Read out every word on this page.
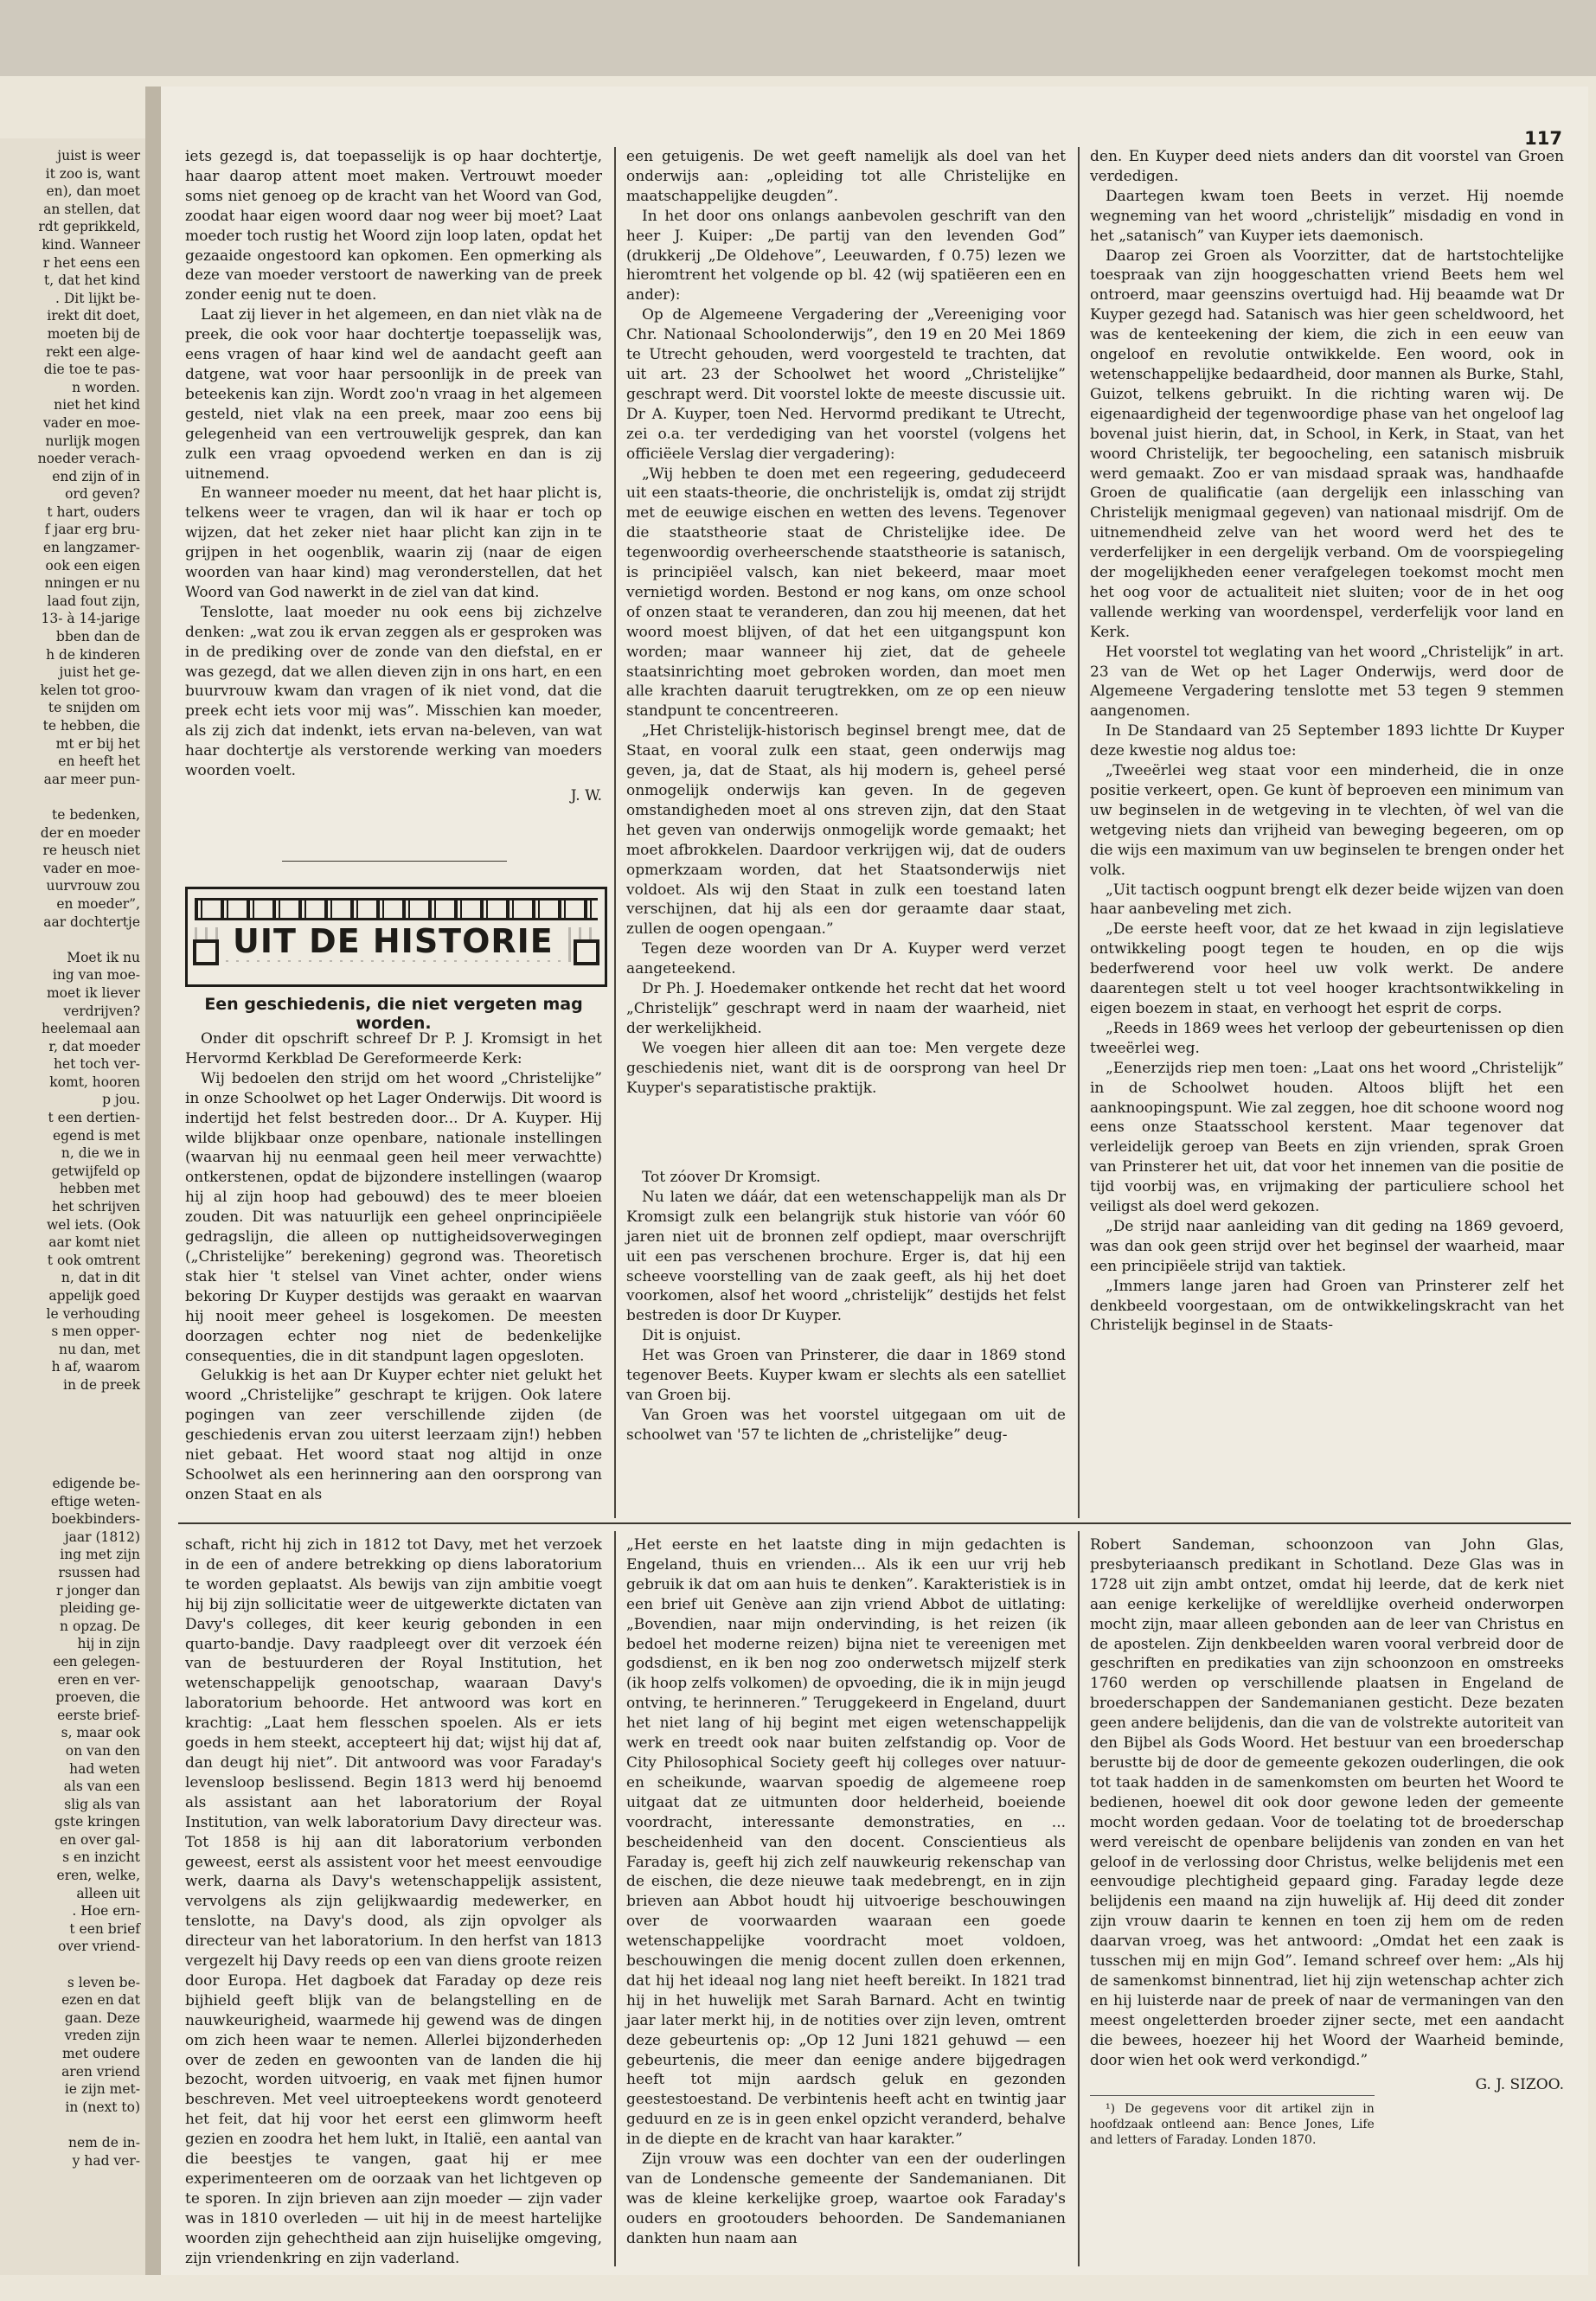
juist is weer
it zoo is, want
en), dan moet
an stellen, dat
rdt geprikkeld,
kind. Wanneer
r het eens een
t, dat het kind
. Dit lijkt be-
irekt dit doet,
moeten bij de
rekt een alge-
die toe te pas-
n worden.
niet het kind
vader en moe-
nurlijk mogen
noeder verach-
end zijn of in
ord geven?
t hart, ouders
f jaar erg bru-
en langzamer-
ook een eigen
nningen er nu
laad fout zijn,
13- à 14-jarige
bben dan de
h de kinderen
juist het ge-
kelen tot groo-
te snijden om
te hebben, die
mt er bij het
en heeft het
aar meer pun-

te bedenken,
der en moeder
re heusch niet
vader en moe-
uurvrouw zou
en moeder”,
aar dochtertje

Moet ik nu
ing van moe-
moet ik liever
verdrijven?
heelemaal aan
r, dat moeder
het toch ver-
komt, hooren
p jou.
t een dertien-
egend is met
n, die we in
getwijfeld op
hebben met
het schrijven
wel iets. (Ook
aar komt niet
t ook omtrent
n, dat in dit
appelijk goed
le verhouding
s men opper-
nu dan, met
h af, waarom
in de preek
edigende be-
eftige weten-
boekbinders-
jaar (1812)
ing met zijn
rsussen had
r jonger dan
pleiding ge-
n opzag. De
hij in zijn
een gelegen-
eren en ver-
proeven, die
eerste brief-
s, maar ook
on van den
had weten
als van een
slig als van
gste kringen
en over gal-
s en inzicht
eren, welke,
alleen uit
. Hoe ern-
t een brief
over vriend-

s leven be-
ezen en dat
gaan. Deze
vreden zijn
met oudere
aren vriend
ie zijn met-
in (next to)

nem de in-
y had ver-
117

iets gezegd is, dat toepasselijk is op haar dochtertje, haar daarop attent moet maken. Vertrouwt moeder soms niet genoeg op de kracht van het Woord van God, zoodat haar eigen woord daar nog weer bij moet? Laat moeder toch rustig het Woord zijn loop laten, opdat het gezaaide ongestoord kan opkomen. Een opmerking als deze van moeder verstoort de nawerking van de preek zonder eenig nut te doen.

Laat zij liever in het algemeen, en dan niet vlàk na de preek, die ook voor haar dochtertje toepasselijk was, eens vragen of haar kind wel de aandacht geeft aan datgene, wat voor haar persoonlijk in de preek van beteekenis kan zijn. Wordt zoo'n vraag in het algemeen gesteld, niet vlak na een preek, maar zoo eens bij gelegenheid van een vertrouwelijk gesprek, dan kan zulk een vraag opvoedend werken en dan is zij uitnemend.

En wanneer moeder nu meent, dat het haar plicht is, telkens weer te vragen, dan wil ik haar er toch op wijzen, dat het zeker niet haar plicht kan zijn in te grijpen in het oogenblik, waarin zij (naar de eigen woorden van haar kind) mag veronderstellen, dat het Woord van God nawerkt in de ziel van dat kind.

Tenslotte, laat moeder nu ook eens bij zichzelve denken: „wat zou ik ervan zeggen als er gesproken was in de prediking over de zonde van den diefstal, en er was gezegd, dat we allen dieven zijn in ons hart, en een buurvrouw kwam dan vragen of ik niet vond, dat die preek echt iets voor mij was”. Misschien kan moeder, als zij zich dat indenkt, iets ervan na-beleven, van wat haar dochtertje als verstorende werking van moeders woorden voelt.

J. W.

UIT DE HISTORIE
Een geschiedenis, die niet vergeten mag worden.

Onder dit opschrift schreef Dr P. J. Kromsigt in het Hervormd Kerkblad De Gereformeerde Kerk:

Wij bedoelen den strijd om het woord „Christelijke” in onze Schoolwet op het Lager Onderwijs. Dit woord is indertijd het felst bestreden door... Dr A. Kuyper. Hij wilde blijkbaar onze openbare, nationale instellingen (waarvan hij nu eenmaal geen heil meer verwachtte) ontkerstenen, opdat de bijzondere instellingen (waarop hij al zijn hoop had gebouwd) des te meer bloeien zouden. Dit was natuurlijk een geheel onprincipiëele gedragslijn, die alleen op nuttigheidsoverwegingen („Christelijke” berekening) gegrond was. Theoretisch stak hier 't stelsel van Vinet achter, onder wiens bekoring Dr Kuyper destijds was geraakt en waarvan hij nooit meer geheel is losgekomen. De meesten doorzagen echter nog niet de bedenkelijke consequenties, die in dit standpunt lagen opgesloten.

Gelukkig is het aan Dr Kuyper echter niet gelukt het woord „Christelijke” geschrapt te krijgen. Ook latere pogingen van zeer verschillende zijden (de geschiedenis ervan zou uiterst leerzaam zijn!) hebben niet gebaat. Het woord staat nog altijd in onze Schoolwet als een herinnering aan den oorsprong van onzen Staat en als

een getuigenis. De wet geeft namelijk als doel van het onderwijs aan: „opleiding tot alle Christelijke en maatschappelijke deugden”.

In het door ons onlangs aanbevolen geschrift van den heer J. Kuiper: „De partij van den levenden God” (drukkerij „De Oldehove”, Leeuwarden, f 0.75) lezen we hieromtrent het volgende op bl. 42 (wij spatiëeren een en ander):

Op de Algemeene Vergadering der „Vereeniging voor Chr. Nationaal Schoolonderwijs”, den 19 en 20 Mei 1869 te Utrecht gehouden, werd voorgesteld te trachten, dat uit art. 23 der Schoolwet het woord „Christelijke” geschrapt werd. Dit voorstel lokte de meeste discussie uit. Dr A. Kuyper, toen Ned. Hervormd predikant te Utrecht, zei o.a. ter verdediging van het voorstel (volgens het officiëele Verslag dier vergadering):

„Wij hebben te doen met een regeering, gedudeceerd uit een staats-theorie, die onchristelijk is, omdat zij strijdt met de eeuwige eischen en wetten des levens. Tegenover die staatstheorie staat de Christelijke idee. De tegenwoordig overheerschende staatstheorie is satanisch, is principiëel valsch, kan niet bekeerd, maar moet vernietigd worden. Bestond er nog kans, om onze school of onzen staat te veranderen, dan zou hij meenen, dat het woord moest blijven, of dat het een uitgangspunt kon worden; maar wanneer hij ziet, dat de geheele staatsinrichting moet gebroken worden, dan moet men alle krachten daaruit terugtrekken, om ze op een nieuw standpunt te concentreeren.

„Het Christelijk-historisch beginsel brengt mee, dat de Staat, en vooral zulk een staat, geen onderwijs mag geven, ja, dat de Staat, als hij modern is, geheel persé onmogelijk onderwijs kan geven. In de gegeven omstandigheden moet al ons streven zijn, dat den Staat het geven van onderwijs onmogelijk worde gemaakt; het moet afbrokkelen. Daardoor verkrijgen wij, dat de ouders opmerkzaam worden, dat het Staatsonderwijs niet voldoet. Als wij den Staat in zulk een toestand laten verschijnen, dat hij als een dor geraamte daar staat, zullen de oogen opengaan.”

Tegen deze woorden van Dr A. Kuyper werd verzet aangeteekend.

Dr Ph. J. Hoedemaker ontkende het recht dat het woord „Christelijk” geschrapt werd in naam der waarheid, niet der werkelijkheid.

We voegen hier alleen dit aan toe: Men vergete deze geschiedenis niet, want dit is de oorsprong van heel Dr Kuyper's separatistische praktijk.

Tot zóover Dr Kromsigt.

Nu laten we dáár, dat een wetenschappelijk man als Dr Kromsigt zulk een belangrijk stuk historie van vóór 60 jaren niet uit de bronnen zelf opdiept, maar overschrijft uit een pas verschenen brochure. Erger is, dat hij een scheeve voorstelling van de zaak geeft, als hij het doet voorkomen, alsof het woord „christelijk” destijds het felst bestreden is door Dr Kuyper.

Dit is onjuist.

Het was Groen van Prinsterer, die daar in 1869 stond tegenover Beets. Kuyper kwam er slechts als een satelliet van Groen bij.

Van Groen was het voorstel uitgegaan om uit de schoolwet van '57 te lichten de „christelijke” deug-

den. En Kuyper deed niets anders dan dit voorstel van Groen verdedigen.

Daartegen kwam toen Beets in verzet. Hij noemde wegneming van het woord „christelijk” misdadig en vond in het „satanisch” van Kuyper iets daemonisch.

Daarop zei Groen als Voorzitter, dat de hartstochtelijke toespraak van zijn hooggeschatten vriend Beets hem wel ontroerd, maar geenszins overtuigd had. Hij beaamde wat Dr Kuyper gezegd had. Satanisch was hier geen scheldwoord, het was de kenteekening der kiem, die zich in een eeuw van ongeloof en revolutie ontwikkelde. Een woord, ook in wetenschappelijke bedaardheid, door mannen als Burke, Stahl, Guizot, telkens gebruikt. In die richting waren wij. De eigenaardigheid der tegenwoordige phase van het ongeloof lag bovenal juist hierin, dat, in School, in Kerk, in Staat, van het woord Christelijk, ter begoocheling, een satanisch misbruik werd gemaakt. Zoo er van misdaad spraak was, handhaafde Groen de qualificatie (aan dergelijk een inlassching van Christelijk menigmaal gegeven) van nationaal misdrijf. Om de uitnemendheid zelve van het woord werd het des te verderfelijker in een dergelijk verband. Om de voorspiegeling der mogelijkheden eener verafgelegen toekomst mocht men het oog voor de actualiteit niet sluiten; voor de in het oog vallende werking van woordenspel, verderfelijk voor land en Kerk.

Het voorstel tot weglating van het woord „Christelijk” in art. 23 van de Wet op het Lager Onderwijs, werd door de Algemeene Vergadering tenslotte met 53 tegen 9 stemmen aangenomen.

In De Standaard van 25 September 1893 lichtte Dr Kuyper deze kwestie nog aldus toe:

„Tweeërlei weg staat voor een minderheid, die in onze positie verkeert, open. Ge kunt òf beproeven een minimum van uw beginselen in de wetgeving in te vlechten, òf wel van die wetgeving niets dan vrijheid van beweging begeeren, om op die wijs een maximum van uw beginselen te brengen onder het volk.

„Uit tactisch oogpunt brengt elk dezer beide wijzen van doen haar aanbeveling met zich.

„De eerste heeft voor, dat ze het kwaad in zijn legislatieve ontwikkeling poogt tegen te houden, en op die wijs bederfwerend voor heel uw volk werkt. De andere daarentegen stelt u tot veel hooger krachtsontwikkeling in eigen boezem in staat, en verhoogt het esprit de corps.

„Reeds in 1869 wees het verloop der gebeurtenissen op dien tweeërlei weg.

„Eenerzijds riep men toen: „Laat ons het woord „Christelijk” in de Schoolwet houden. Altoos blijft het een aanknoopingspunt. Wie zal zeggen, hoe dit schoone woord nog eens onze Staatsschool kerstent. Maar tegenover dat verleidelijk geroep van Beets en zijn vrienden, sprak Groen van Prinsterer het uit, dat voor het innemen van die positie de tijd voorbij was, en vrijmaking der particuliere school het veiligst als doel werd gekozen.

„De strijd naar aanleiding van dit geding na 1869 gevoerd, was dan ook geen strijd over het beginsel der waarheid, maar een principiëele strijd van taktiek.

„Immers lange jaren had Groen van Prinsterer zelf het denkbeeld voorgestaan, om de ontwikkelingskracht van het Christelijk beginsel in de Staats-

schaft, richt hij zich in 1812 tot Davy, met het verzoek in de een of andere betrekking op diens laboratorium te worden geplaatst. Als bewijs van zijn ambitie voegt hij bij zijn sollicitatie weer de uitgewerkte dictaten van Davy's colleges, dit keer keurig gebonden in een quarto-bandje. Davy raadpleegt over dit verzoek één van de bestuurderen der Royal Institution, het wetenschappelijk genootschap, waaraan Davy's laboratorium behoorde. Het antwoord was kort en krachtig: „Laat hem flesschen spoelen. Als er iets goeds in hem steekt, accepteert hij dat; wijst hij dat af, dan deugt hij niet”. Dit antwoord was voor Faraday's levensloop beslissend. Begin 1813 werd hij benoemd als assistant aan het laboratorium der Royal Institution, van welk laboratorium Davy directeur was. Tot 1858 is hij aan dit laboratorium verbonden geweest, eerst als assistent voor het meest eenvoudige werk, daarna als Davy's wetenschappelijk assistent, vervolgens als zijn gelijkwaardig medewerker, en tenslotte, na Davy's dood, als zijn opvolger als directeur van het laboratorium. In den herfst van 1813 vergezelt hij Davy reeds op een van diens groote reizen door Europa. Het dagboek dat Faraday op deze reis bijhield geeft blijk van de belangstelling en de nauwkeurigheid, waarmede hij gewend was de dingen om zich heen waar te nemen. Allerlei bijzonderheden over de zeden en gewoonten van de landen die hij bezocht, worden uitvoerig, en vaak met fijnen humor beschreven. Met veel uitroepteekens wordt genoteerd het feit, dat hij voor het eerst een glimworm heeft gezien en zoodra het hem lukt, in Italië, een aantal van die beestjes te vangen, gaat hij er mee experimenteeren om de oorzaak van het lichtgeven op te sporen. In zijn brieven aan zijn moeder — zijn vader was in 1810 overleden — uit hij in de meest hartelijke woorden zijn gehechtheid aan zijn huiselijke omgeving, zijn vriendenkring en zijn vaderland.

„Het eerste en het laatste ding in mijn gedachten is Engeland, thuis en vrienden... Als ik een uur vrij heb gebruik ik dat om aan huis te denken”. Karakteristiek is in een brief uit Genève aan zijn vriend Abbot de uitlating: „Bovendien, naar mijn ondervinding, is het reizen (ik bedoel het moderne reizen) bijna niet te vereenigen met godsdienst, en ik ben nog zoo onderwetsch mijzelf sterk (ik hoop zelfs volkomen) de opvoeding, die ik in mijn jeugd ontving, te herinneren.” Teruggekeerd in Engeland, duurt het niet lang of hij begint met eigen wetenschappelijk werk en treedt ook naar buiten zelfstandig op. Voor de City Philosophical Society geeft hij colleges over natuur- en scheikunde, waarvan spoedig de algemeene roep uitgaat dat ze uitmunten door helderheid, boeiende voordracht, interessante demonstraties, en ... bescheidenheid van den docent. Conscientieus als Faraday is, geeft hij zich zelf nauwkeurig rekenschap van de eischen, die deze nieuwe taak medebrengt, en in zijn brieven aan Abbot houdt hij uitvoerige beschouwingen over de voorwaarden waaraan een goede wetenschappelijke voordracht moet voldoen, beschouwingen die menig docent zullen doen erkennen, dat hij het ideaal nog lang niet heeft bereikt. In 1821 trad hij in het huwelijk met Sarah Barnard. Acht en twintig jaar later merkt hij, in de notities over zijn leven, omtrent deze gebeurtenis op: „Op 12 Juni 1821 gehuwd — een gebeurtenis, die meer dan eenige andere bijgedragen heeft tot mijn aardsch geluk en gezonden geestestoestand. De verbintenis heeft acht en twintig jaar geduurd en ze is in geen enkel opzicht veranderd, behalve in de diepte en de kracht van haar karakter.”

Zijn vrouw was een dochter van een der ouderlingen van de Londensche gemeente der Sandemanianen. Dit was de kleine kerkelijke groep, waartoe ook Faraday's ouders en grootouders behoorden. De Sandemanianen dankten hun naam aan

Robert Sandeman, schoonzoon van John Glas, presbyteriaansch predikant in Schotland. Deze Glas was in 1728 uit zijn ambt ontzet, omdat hij leerde, dat de kerk niet aan eenige kerkelijke of wereldlijke overheid onderworpen mocht zijn, maar alleen gebonden aan de leer van Christus en de apostelen. Zijn denkbeelden waren vooral verbreid door de geschriften en predikaties van zijn schoonzoon en omstreeks 1760 werden op verschillende plaatsen in Engeland de broederschappen der Sandemanianen gesticht. Deze bezaten geen andere belijdenis, dan die van de volstrekte autoriteit van den Bijbel als Gods Woord. Het bestuur van een broederschap berustte bij de door de gemeente gekozen ouderlingen, die ook tot taak hadden in de samenkomsten om beurten het Woord te bedienen, hoewel dit ook door gewone leden der gemeente mocht worden gedaan. Voor de toelating tot de broederschap werd vereischt de openbare belijdenis van zonden en van het geloof in de verlossing door Christus, welke belijdenis met een eenvoudige plechtigheid gepaard ging. Faraday legde deze belijdenis een maand na zijn huwelijk af. Hij deed dit zonder zijn vrouw daarin te kennen en toen zij hem om de reden daarvan vroeg, was het antwoord: „Omdat het een zaak is tusschen mij en mijn God”. Iemand schreef over hem: „Als hij de samenkomst binnentrad, liet hij zijn wetenschap achter zich en hij luisterde naar de preek of naar de vermaningen van den meest ongeletterden broeder zijner secte, met een aandacht die bewees, hoezeer hij het Woord der Waarheid beminde, door wien het ook werd verkondigd.”

G. J. SIZOO.

¹) De gegevens voor dit artikel zijn in hoofdzaak ontleend aan: Bence Jones, Life and letters of Faraday. Londen 1870.
